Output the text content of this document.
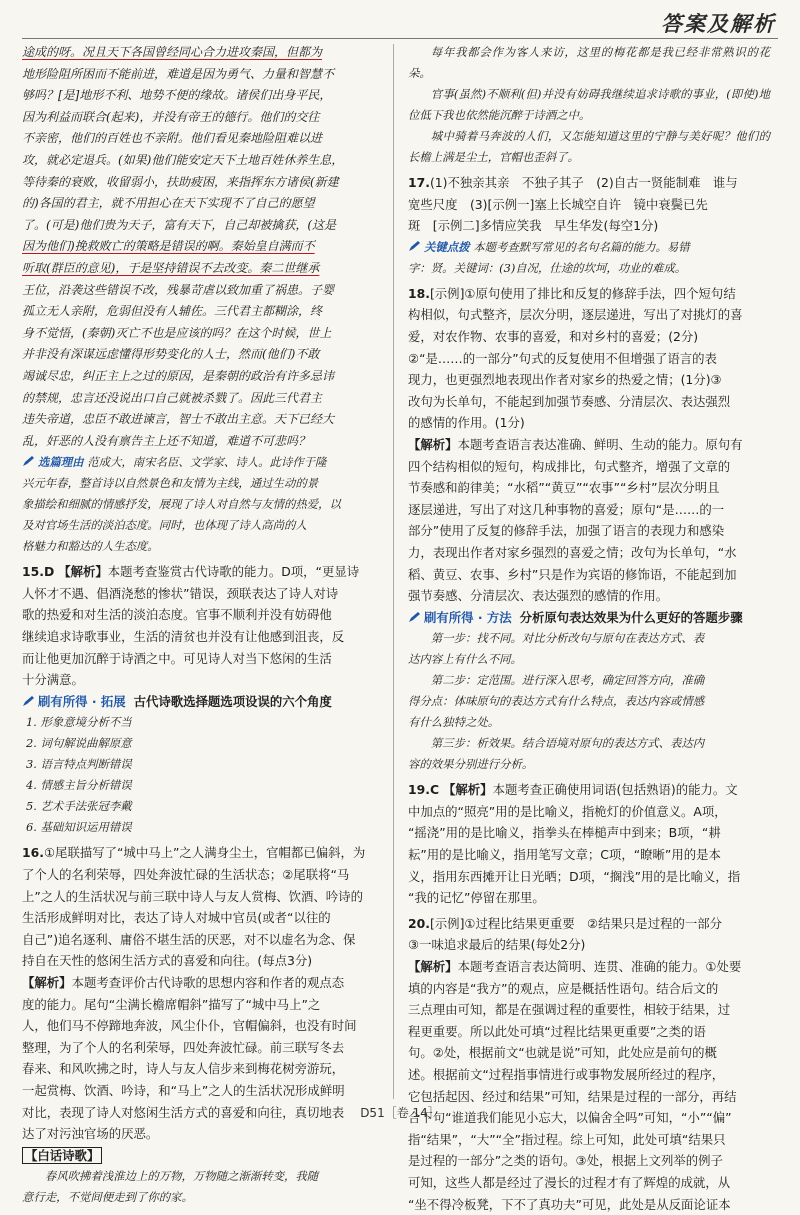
答案及解析

途成的呀。况且天下各国曾经同心合力进攻秦国，但都为

地形险阻所困而不能前进，难道是因为勇气、力量和智慧不

够吗？[是]地形不利、地势不便的缘故。诸侯们出身平民，

因为利益而联合(起来)，并没有帝王的德行。他们的交往

不亲密，他们的百姓也不亲附。他们看见秦地险阻难以进

攻，就必定退兵。(如果)他们能安定天下土地百姓休养生息，

等待秦的衰败，收留弱小，扶助疲困，来指挥东方诸侯(新建

的)各国的君主，就不用担心在天下实现不了自己的愿望

了。(可是)他们贵为天子，富有天下，自己却被擒获，(这是

因为他们)挽救败亡的策略是错误的啊。秦始皇自满而不

听取(群臣的意见)，于是坚持错误不去改变。秦二世继承

王位，沿袭这些错误不改，残暴苛虐以致加重了祸患。子婴

孤立无人亲附，危弱但没有人辅佐。三代君主都糊涂，终

身不觉悟，(秦朝)灭亡不也是应该的吗？在这个时候，世上

并非没有深谋远虑懂得形势变化的人士，然而(他们)不敢

竭诚尽忠，纠正主上之过的原因，是秦朝的政治有许多忌讳

的禁规，忠言还没说出口自己就被杀戮了。因此三代君主

违失帝道，忠臣不敢进谏言，智士不敢出主意。天下已经大

乱，奸恶的人没有禀告主上还不知道，难道不可悲吗？

选篇理由 范成大，南宋名臣、文学家、诗人。此诗作于隆

兴元年春，整首诗以自然景色和友情为主线，通过生动的景

象描绘和细腻的情感抒发，展现了诗人对自然与友情的热爱，以

及对官场生活的淡泊态度。同时，也体现了诗人高尚的人

格魅力和豁达的人生态度。

15.D 【解析】本题考查鉴赏古代诗歌的能力。D项，“更显诗

人怀才不遇、倡酒浇愁的惨状”错误，颈联表达了诗人对诗

歌的热爱和对生活的淡泊态度。官事不顺利并没有妨碍他

继续追求诗歌事业，生活的清贫也并没有让他感到沮丧，反

而让他更加沉醉于诗酒之中。可见诗人对当下悠闲的生活

十分满意。

刷有所得 · 拓展 古代诗歌选择题选项设误的六个角度

1. 形象意境分析不当

2. 词句解说曲解原意

3. 语言特点判断错误

4. 情感主旨分析错误

5. 艺术手法张冠李戴

6. 基础知识运用错误

16.①尾联描写了“城中马上”之人满身尘土，官帽都已偏斜，为

了个人的名利荣辱，四处奔波忙碌的生活状态；②尾联将“马

上”之人的生活状况与前三联中诗人与友人赏梅、饮酒、吟诗的

生活形成鲜明对比，表达了诗人对城中官员(或者“以往的

自己”)追名逐利、庸俗不堪生活的厌恶，对不以虚名为念、保

持自在天性的悠闲生活方式的喜爱和向往。(每点3分)

【解析】本题考查评价古代诗歌的思想内容和作者的观点态

度的能力。尾句“尘满长檐席帽斜”描写了“城中马上”之

人，他们马不停蹄地奔波，风尘仆仆，官帽偏斜，也没有时间

整理，为了个人的名利荣辱，四处奔波忙碌。前三联写冬去

春来、和风吹拂之时，诗人与友人信步来到梅花树旁游玩，

一起赏梅、饮酒、吟诗，和“马上”之人的生活状况形成鲜明

对比，表现了诗人对悠闲生活方式的喜爱和向往，真切地表

达了对污浊官场的厌恶。

【白话诗歌】

春风吹拂着浅淮边上的万物，万物随之渐渐转变，我随

意行走，不觉间便走到了你的家。

每年我都会作为客人来访，这里的梅花都是我已经非常熟识的花朵。

官事(虽然)不顺利(但)并没有妨碍我继续追求诗歌的事业，(即使)地位低下我也依然能沉醉于诗酒之中。

城中骑着马奔波的人们，又怎能知道这里的宁静与美好呢？他们的长檐上满是尘土，官帽也歪斜了。

17.(1)不独亲其亲　不独子其子　(2)自古一贤能制难　谁与

宽些尺度　(3)[示例一]塞上长城空自许　镜中衰鬓已先

斑　[示例二]多情应笑我　早生华发(每空1分)

关键点拨 本题考查默写常见的名句名篇的能力。易错

字：贤。关键词：(3)自况，仕途的坎坷，功业的难成。

18.[示例]①原句使用了排比和反复的修辞手法，四个短句结

构相似，句式整齐，层次分明，逐层递进，写出了对挑灯的喜

爱，对农作物、农事的喜爱，和对乡村的喜爱；(2分)

②“是……的一部分”句式的反复使用不但增强了语言的表

现力，也更强烈地表现出作者对家乡的热爱之情；(1分)③

改句为长单句，不能起到加强节奏感、分清层次、表达强烈

的感情的作用。(1分)

【解析】本题考查语言表达准确、鲜明、生动的能力。原句有

四个结构相似的短句，构成排比，句式整齐，增强了文章的

节奏感和韵律美；“水稻”“黄豆”“农事”“乡村”层次分明且

逐层递进，写出了对这几种事物的喜爱；原句“是……的一

部分”使用了反复的修辞手法，加强了语言的表现力和感染

力，表现出作者对家乡强烈的喜爱之情；改句为长单句，“水

稻、黄豆、农事、乡村”只是作为宾语的修饰语，不能起到加

强节奏感、分清层次、表达强烈的感情的作用。

刷有所得 · 方法 分析原句表达效果为什么更好的答题步骤

第一步：找不同。对比分析改句与原句在表达方式、表

达内容上有什么不同。

第二步：定范围。进行深入思考，确定回答方向，准确

得分点：体味原句的表达方式有什么特点，表达内容或情感

有什么独特之处。

第三步：析效果。结合语境对原句的表达方式、表达内

容的效果分别进行分析。

19.C 【解析】本题考查正确使用词语(包括熟语)的能力。文

中加点的“照亮”用的是比喻义，指桅灯的价值意义。A项，

“摇浇”用的是比喻义，指拳头在棒槌声中到来；B项，“耕

耘”用的是比喻义，指用笔写文章；C项，“瞭晰”用的是本

义，指用东西摊开让日光晒；D项，“搁浅”用的是比喻义，指

“我的记忆”停留在那里。

20.[示例]①过程比结果更重要　②结果只是过程的一部分

③一味追求最后的结果(每处2分)

【解析】本题考查语言表达简明、连贯、准确的能力。①处要

填的内容是“我方”的观点，应是概括性语句。结合后文的

三点理由可知，都是在强调过程的重要性，相较于结果，过

程更重要。所以此处可填“过程比结果更重要”之类的语

句。②处，根据前文“也就是说”可知，此处应是前句的概

述。根据前文“过程指事情进行或事物发展所经过的程序，

它包括起因、经过和结果”可知，结果是过程的一部分，再结

合下句“谁道我们能见小忘大，以偏舍全吗”可知，“小”“偏”

指“结果”，“大”“全”指过程。综上可知，此处可填“结果只

是过程的一部分”之类的语句。③处，根据上文列举的例子

可知，这些人都是经过了漫长的过程才有了辉煌的成就，从

“坐不得冷板凳，下不了真功夫”可见，此处是从反面论证本

D51［卷 14］
